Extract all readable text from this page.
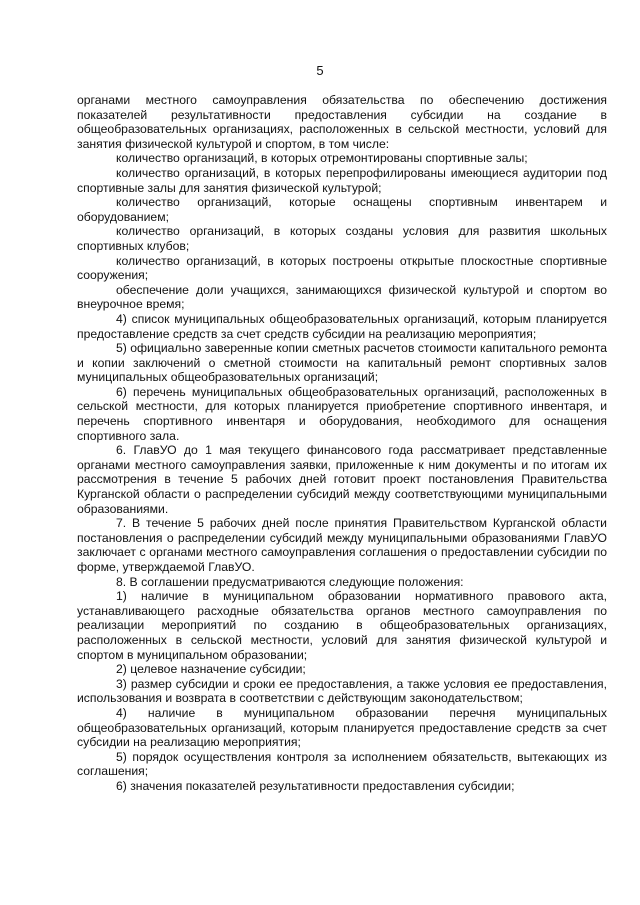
5

органами местного самоуправления обязательства по обеспечению достижения показателей результативности предоставления субсидии на создание в общеобразовательных организациях, расположенных в сельской местности, условий для занятия физической культурой и спортом, в том числе:

количество организаций, в которых отремонтированы спортивные залы;

количество организаций, в которых перепрофилированы имеющиеся аудитории под спортивные залы для занятия физической культурой;

количество организаций, которые оснащены спортивным инвентарем и оборудованием;

количество организаций, в которых созданы условия для развития школьных спортивных клубов;

количество организаций, в которых построены открытые плоскостные спортивные сооружения;

обеспечение доли учащихся, занимающихся физической культурой и спортом во внеурочное время;

4) список муниципальных общеобразовательных организаций, которым планируется предоставление средств за счет средств субсидии на реализацию мероприятия;

5) официально заверенные копии сметных расчетов стоимости капитального ремонта и копии заключений о сметной стоимости на капитальный ремонт спортивных залов муниципальных общеобразовательных организаций;

6) перечень муниципальных общеобразовательных организаций, расположенных в сельской местности, для которых планируется приобретение спортивного инвентаря, и перечень спортивного инвентаря и оборудования, необходимого для оснащения спортивного зала.

6. ГлавУО до 1 мая текущего финансового года рассматривает представленные органами местного самоуправления заявки, приложенные к ним документы и по итогам их рассмотрения в течение 5 рабочих дней готовит проект постановления Правительства Курганской области о распределении субсидий между соответствующими муниципальными образованиями.

7. В течение 5 рабочих дней после принятия Правительством Курганской области постановления о распределении субсидий между муниципальными образованиями ГлавУО заключает с органами местного самоуправления соглашения о предоставлении субсидии по форме, утверждаемой ГлавУО.

8. В соглашении предусматриваются следующие положения:

1) наличие в муниципальном образовании нормативного правового акта, устанавливающего расходные обязательства органов местного самоуправления по реализации мероприятий по созданию в общеобразовательных организациях, расположенных в сельской местности, условий для занятия физической культурой и спортом в муниципальном образовании;

2) целевое назначение субсидии;

3) размер субсидии и сроки ее предоставления, а также условия ее предоставления, использования и возврата в соответствии с действующим законодательством;

4) наличие в муниципальном образовании перечня муниципальных общеобразовательных организаций, которым планируется предоставление средств за счет субсидии на реализацию мероприятия;

5) порядок осуществления контроля за исполнением обязательств, вытекающих из соглашения;

6) значения показателей результативности предоставления субсидии;
